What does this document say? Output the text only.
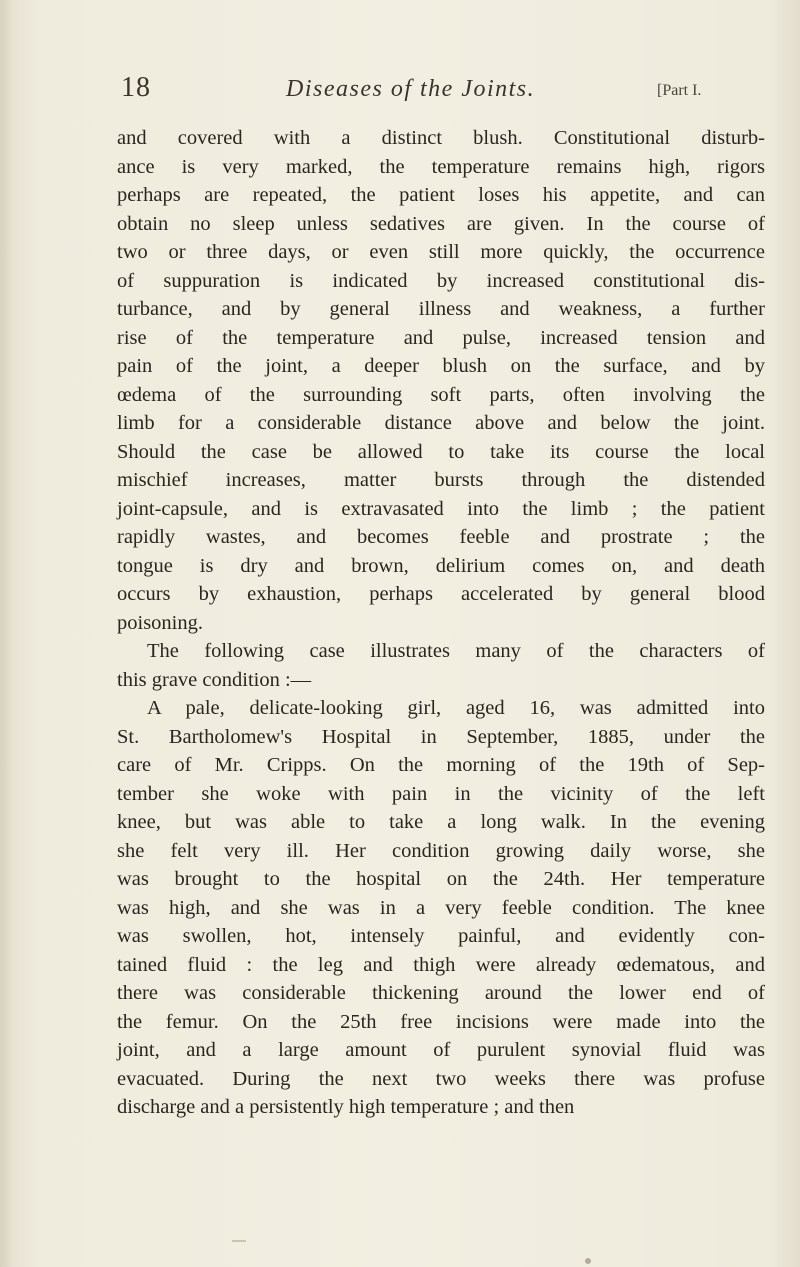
18	Diseases of the Joints.	[Part I.
and covered with a distinct blush. Constitutional disturb-
ance is very marked, the temperature remains high, rigors
perhaps are repeated, the patient loses his appetite, and can
obtain no sleep unless sedatives are given. In the course of
two or three days, or even still more quickly, the occurrence
of suppuration is indicated by increased constitutional dis-
turbance, and by general illness and weakness, a further
rise of the temperature and pulse, increased tension and
pain of the joint, a deeper blush on the surface, and by
œdema of the surrounding soft parts, often involving the
limb for a considerable distance above and below the joint.
Should the case be allowed to take its course the local
mischief increases, matter bursts through the distended
joint-capsule, and is extravasated into the limb ; the patient
rapidly wastes, and becomes feeble and prostrate ; the
tongue is dry and brown, delirium comes on, and death
occurs by exhaustion, perhaps accelerated by general blood
poisoning.
The following case illustrates many of the characters of
this grave condition :—
A pale, delicate-looking girl, aged 16, was admitted into
St. Bartholomew's Hospital in September, 1885, under the
care of Mr. Cripps. On the morning of the 19th of Sep-
tember she woke with pain in the vicinity of the left
knee, but was able to take a long walk. In the evening
she felt very ill. Her condition growing daily worse, she
was brought to the hospital on the 24th. Her temperature
was high, and she was in a very feeble condition. The knee
was swollen, hot, intensely painful, and evidently con-
tained fluid : the leg and thigh were already œdematous, and
there was considerable thickening around the lower end of
the femur. On the 25th free incisions were made into the
joint, and a large amount of purulent synovial fluid was
evacuated. During the next two weeks there was profuse
discharge and a persistently high temperature ; and then
